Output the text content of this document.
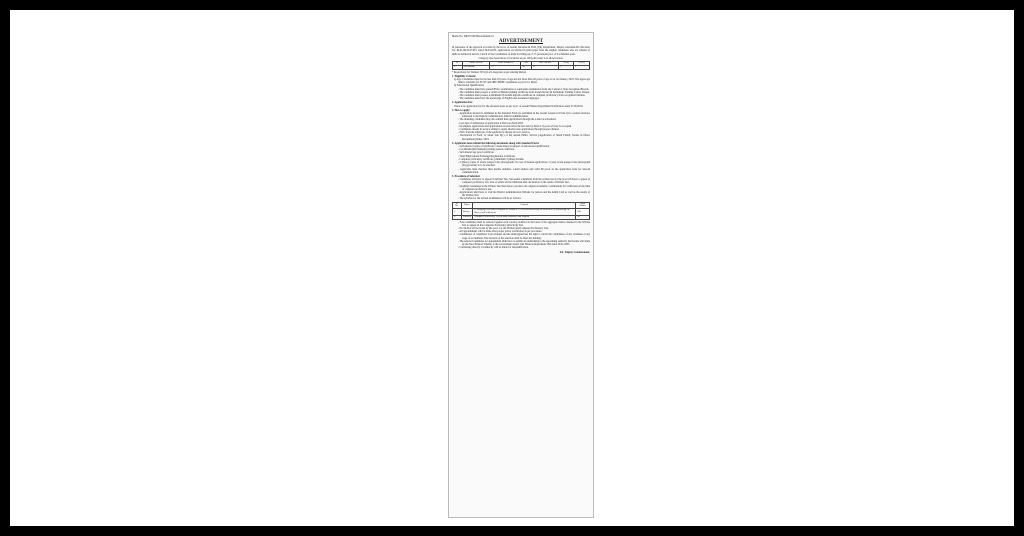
Memo No. DR/07/2023/Recruitment/14
ADVERTISEMENT
In pursuance of the approval accorded by the Govt. of Assam, Revenue & D.M. (LR) Department, Dispur, Guwahati-06 vide letter No. RLR.162/2017/Pt/1 dated 29.03.2023, applications are invited in plain paper from the eligible candidates who are citizens of India as defined in Article 5 and 6 of the Constitution of India for filling up of 17 (seventeen) nos. of Lat Mandal posts.
Category wise reservation of vacancies as per 100 point roster is as shown below:
Sl.	Name of Post	Total Vacancies	UR	OBC/MOBC	ST(P)	ST(H)
1.	Lat Mandal	17	10	4	2	1
* Reservation for Women: 30% (in all categories as per existing Rules).
1. Eligibility Criteria:
a) Age: Candidates must not be less than 18 years of age and not more than 40 years of age as on 1st January, 2023. The upper age limit is relaxable for SC/ST and OBC/MOBC candidates as per Govt. Rules.
b) Educational Qualification:
- The candidate must have passed HSLC examination or equivalent examination from any Central or State recognized Boards.
- The candidate must possess a valid Lat Mandal training certificate from Assam Survey & Settlement Training Centre, Dispur.
- The candidate must possess a minimum 03 months diploma certificate in computer proficiency from recognized institute.
- The candidate must have the knowledge of English and Assamese languages.
2. Application Fee:
There is no application fee for the aforesaid posts as per Govt. of Assam Finance Department Notification dated 27.09.2019.
3. How to apply:
- Application should be submitted in the Standard Form (as published in the Assam Gazette in Form-I) in a sealed envelope addressed to the Deputy Commissioner, District Administration.
- The intending candidates may also submit their applications through the e-mail as advertised.
- Last date of submission of application is fixed on 29.04.2023.
- Incomplete applications and applications received after the last date by hand or by post will not be accepted.
- Candidates already in service willing to apply should route applications through proper channel.
- NOC from the employer, if the applicant is already in Govt. service.
- Declaration in Form 'A' under rule 8(1) of the Assam Public Service (Application of Small Family Norms in Direct Recruitment) Rules, 2019.
4. Applicants must submit the following documents along with Standard Form:
- Self-attested copies of certificates / mark sheets in support of educational qualification.
- Lat Mandal (Recruitment) training passed certificate.
- Self attested age proof certificate.
- Valid Employment Exchange Registration Certificate.
- Computer proficiency certificate ( minimum 3 (three) months.
- 2 (three) copies of recent passport size photographs. In case of manual applications 1 (one) recent passport size photograph (in jpg format) is to be attached.
- Applicants must mention their mobile numbers, e-mail address and valid ID proof on the application form for smooth communication.
5. Procedure of Selection:
- Candidates will have to appear in Written Test. Successful candidates from the written test for the post will have to appear in computer proficiency test, date of which will be intimated after declaration of the result of Written Test.
- Qualified candidates in the Written Test must have to produce all original documents / testimonials for verification at the time of computer proficiency test.
- Applications shall have to visit the District Administration Website for notices and the Admit Card as well as the results of the Written Test.
- The syllabus for the written examination will be as follows:
Sl No.	Paper	Content	Total Marks
1.	Theory	1) Language test both in English & Assamese 2) General knowledge & awareness 3) Knowledge on Survey and Settlement	100
2.	Practical	Computer Proficiency Test in both Assamese and English	50
- Four candidates shall be selected against each vacancy notified on the basis of the aggregate marks obtained in the Written Test to appear in the Computer Proficiency (Practical) Test.
- No TA/DA will be borne by the Govt. for the Written Test/Computer Proficiency Test.
- All appointments will be made after proper police verification as per procedure.
- Candidature of candidates is provisional and the undersigned has the right to cancel the candidature of any candidate at any stage of recruitment. The decision of the selection shall be final and binding.
- The selected candidates for appointment shall have to submit an undertaking to the appointing authority that he/she will abide by the New Pension Scheme of the Government issued vide Finance Department OM dated 29.01.2005.
- Canvassing directly or indirectly will be liable for disqualification.
Sd/- Deputy Commissioner,
